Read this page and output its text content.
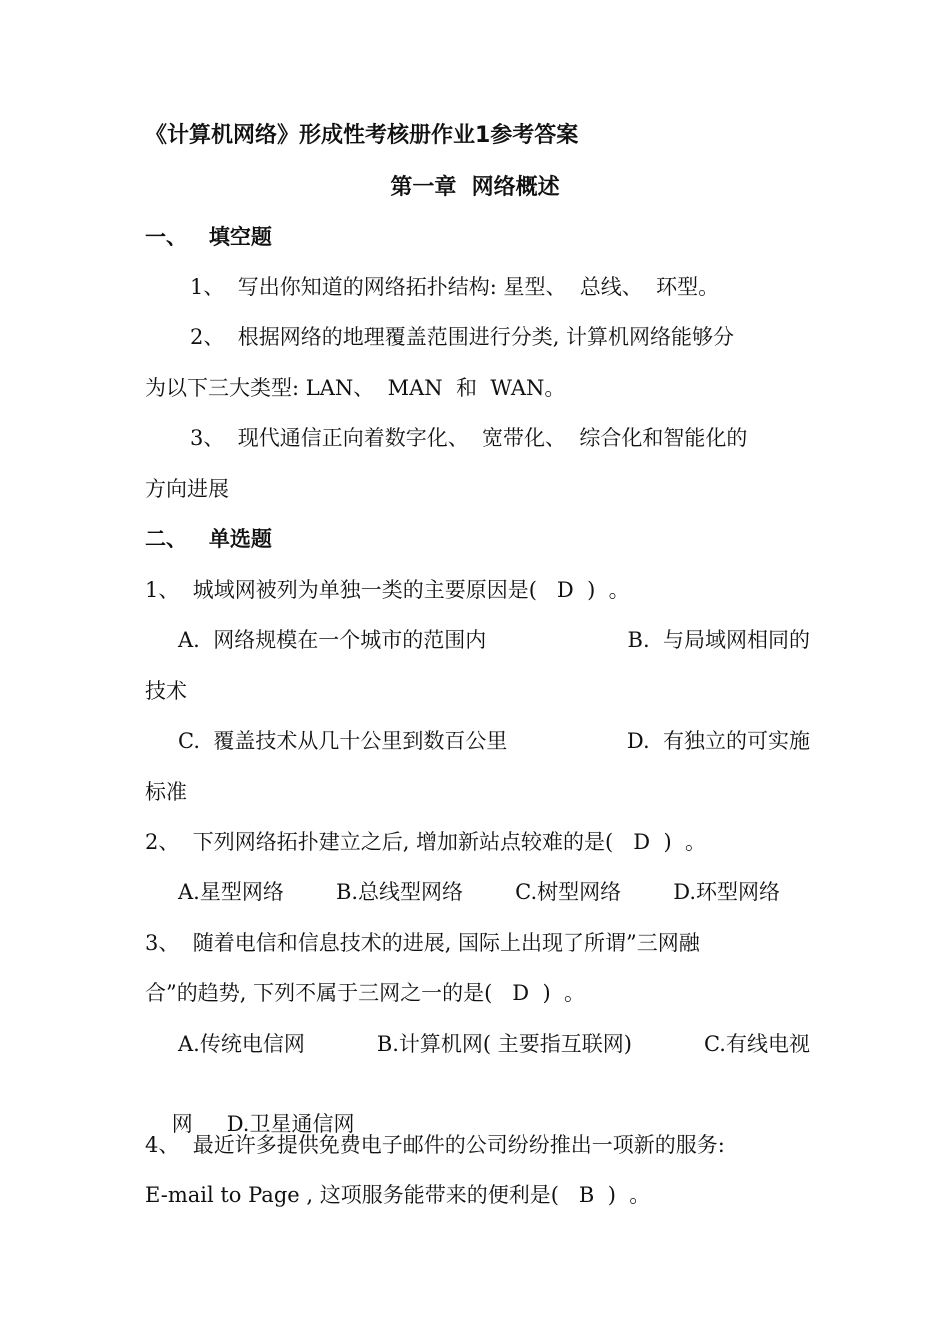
《计算机网络》形成性考核册作业1参考答案
第一章  网络概述
一、   填空题
1、  写出你知道的网络拓扑结构: 星型、  总线、  环型。
2、  根据网络的地理覆盖范围进行分类, 计算机网络能够分
为以下三大类型: LAN、  MAN  和  WAN。
3、  现代通信正向着数字化、  宽带化、  综合化和智能化的
方向进展
二、   单选题
1、  城域网被列为单独一类的主要原因是(   D  )  。
A.  网络规模在一个城市的范围内	B.  与局域网相同的
技术
C.  覆盖技术从几十公里到数百公里	D.  有独立的可实施
标准
2、  下列网络拓扑建立之后, 增加新站点较难的是(   D  )  。
A.星型网络 B.总线型网络 C.树型网络 D.环型网络
3、  随着电信和信息技术的进展, 国际上出现了所谓”三网融
合”的趋势, 下列不属于三网之一的是(   D  )  。
A.传统电信网	B.计算机网( 主要指互联网)	C.有线电视

网 D.卫星通信网

4、  最近许多提供免费电子邮件的公司纷纷推出一项新的服务:
E-mail to Page , 这项服务能带来的便利是(   B  )  。
